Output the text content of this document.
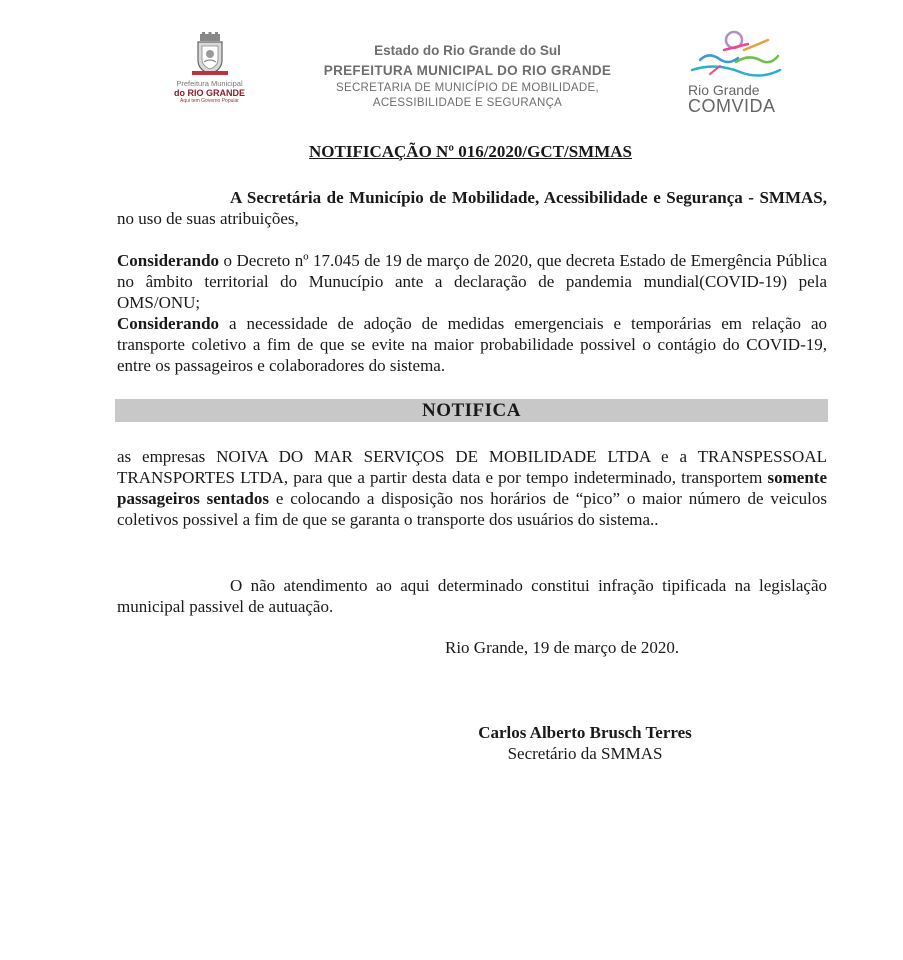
Prefeitura Municipal
do RIO GRANDE
Aqui tem Governo Popular
Estado do Rio Grande do Sul
PREFEITURA MUNICIPAL DO RIO GRANDE
SECRETARIA DE MUNICÍPIO DE MOBILIDADE,
ACESSIBILIDADE E SEGURANÇA
Rio Grande
COMVIDA
NOTIFICAÇÃO Nº 016/2020/GCT/SMMAS
A Secretária de Município de Mobilidade, Acessibilidade e Segurança - SMMAS, no uso de suas atribuições,
Considerando o Decreto nº 17.045 de 19 de março de 2020, que decreta Estado de Emergência Pública no âmbito territorial do Munucípio ante a declaração de pandemia mundial(COVID-19) pela OMS/ONU;
Considerando a necessidade de adoção de medidas emergenciais e temporárias em relação ao transporte coletivo a fim de que se evite na maior probabilidade possivel o contágio do COVID-19, entre os passageiros e colaboradores do sistema.
NOTIFICA
as empresas NOIVA DO MAR SERVIÇOS DE MOBILIDADE LTDA e a TRANSPESSOAL TRANSPORTES LTDA, para que a partir desta data e por tempo indeterminado, transportem somente passageiros sentados e colocando a disposição nos horários de “pico” o maior número de veiculos coletivos possivel a fim de que se garanta o transporte dos usuários do sistema..
O não atendimento ao aqui determinado constitui infração tipificada na legislação municipal passivel de autuação.
Rio Grande, 19 de março de 2020.
Carlos Alberto Brusch Terres
Secretário da SMMAS
